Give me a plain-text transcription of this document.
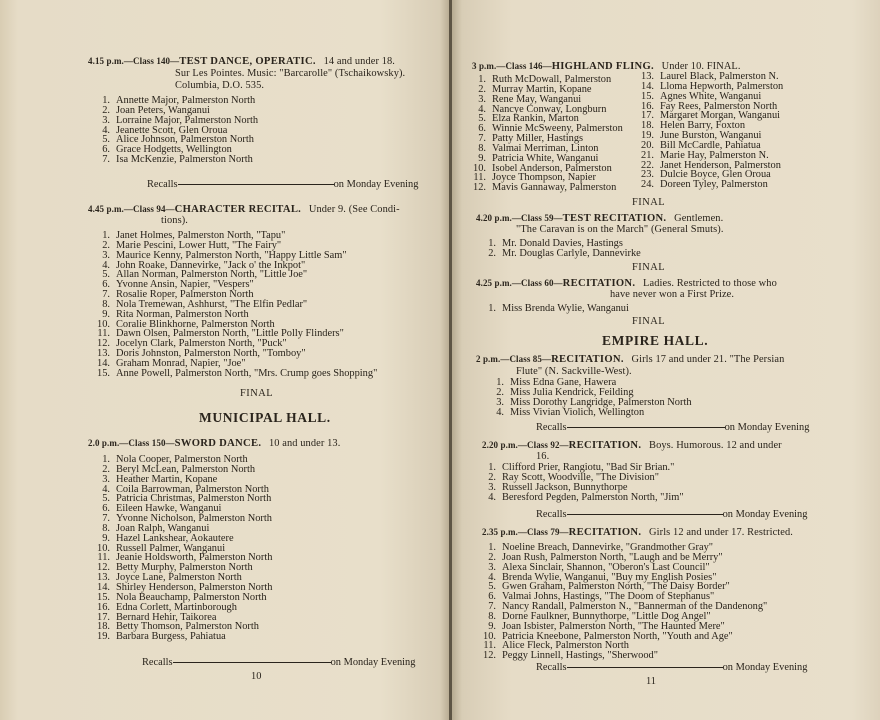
4.15 p.m.—Class 140—TEST DANCE, OPERATIC. 14 and under 18.
Sur Les Pointes. Music: "Barcarolle" (Tschaikowsky).
Columbia, D.O. 535.
1. Annette Major, Palmerston North
2. Joan Peters, Wanganui
3. Lorraine Major, Palmerston North
4. Jeanette Scott, Glen Oroua
5. Alice Johnson, Palmerston North
6. Grace Hodgetts, Wellington
7. Isa McKenzie, Palmerston North
Recalls	on Monday Evening
4.45 p.m.—Class 94—CHARACTER RECITAL. Under 9. (See Condi-
tions).
1. Janet Holmes, Palmerston North, "Tapu"
2. Marie Pescini, Lower Hutt, "The Fairy"
3. Maurice Kenny, Palmerston North, "Happy Little Sam"
4. John Roake, Dannevirke, "Jack o' the Inkpot"
5. Allan Norman, Palmerston North, "Little Joe"
6. Yvonne Ansin, Napier, "Vespers"
7. Rosalie Roper, Palmerston North
8. Nola Tremewan, Ashhurst, "The Elfin Pedlar"
9. Rita Norman, Palmerston North
10. Coralie Blinkhorne, Palmerston North
11. Dawn Olsen, Palmerston North, "Little Polly Flinders"
12. Jocelyn Clark, Palmerston North, "Puck"
13. Doris Johnston, Palmerston North, "Tomboy"
14. Graham Monrad, Napier, "Joe"
15. Anne Powell, Palmerston North, "Mrs. Crump goes Shopping"
FINAL
MUNICIPAL HALL.
2.0 p.m.—Class 150—SWORD DANCE. 10 and under 13.
1. Nola Cooper, Palmerston North
2. Beryl McLean, Palmerston North
3. Heather Martin, Kopane
4. Coila Barrowman, Palmerston North
5. Patricia Christmas, Palmerston North
6. Eileen Hawke, Wanganui
7. Yvonne Nicholson, Palmerston North
8. Joan Ralph, Wanganui
9. Hazel Lankshear, Aokautere
10. Russell Palmer, Wanganui
11. Jeanie Holdsworth, Palmerston North
12. Betty Murphy, Palmerston North
13. Joyce Lane, Palmerston North
14. Shirley Henderson, Palmerston North
15. Nola Beauchamp, Palmerston North
16. Edna Corlett, Martinborough
17. Bernard Hehir, Taikorea
18. Betty Thomson, Palmerston North
19. Barbara Burgess, Pahiatua
Recalls	on Monday Evening
10
3 p.m.—Class 146—HIGHLAND FLING. Under 10. FINAL.
1. Ruth McDowall, Palmerston
2. Murray Martin, Kopane
3. Rene May, Wanganui
4. Nancye Conway, Longburn
5. Elza Rankin, Marton
6. Winnie McSweeny, Palmerston
7. Patty Miller, Hastings
8. Valmai Merriman, Linton
9. Patricia White, Wanganui
10. Isobel Anderson, Palmerston
11. Joyce Thompson, Napier
12. Mavis Gannaway, Palmerston
13. Laurel Black, Palmerston N.
14. Lloma Hepworth, Palmerston
15. Agnes White, Wanganui
16. Fay Rees, Palmerston North
17. Margaret Morgan, Wanganui
18. Helen Barry, Foxton
19. June Burston, Wanganui
20. Bill McCardle, Pahiatua
21. Marie Hay, Palmerston N.
22. Janet Henderson, Palmerston
23. Dulcie Boyce, Glen Oroua
24. Doreen Tyley, Palmerston
FINAL
4.20 p.m.—Class 59—TEST RECITATION. Gentlemen.
"The Caravan is on the March" (General Smuts).
1. Mr. Donald Davies, Hastings
2. Mr. Douglas Carlyle, Dannevirke
FINAL
4.25 p.m.—Class 60—RECITATION. Ladies. Restricted to those who
have never won a First Prize.
1. Miss Brenda Wylie, Wanganui
FINAL
EMPIRE HALL.
2 p.m.—Class 85—RECITATION. Girls 17 and under 21. "The Persian
Flute" (N. Sackville-West).
1. Miss Edna Gane, Hawera
2. Miss Julia Kendrick, Feilding
3. Miss Dorothy Langridge, Palmerston North
4. Miss Vivian Violich, Wellington
Recalls	on Monday Evening
2.20 p.m.—Class 92—RECITATION. Boys. Humorous. 12 and under
16.
1. Clifford Prier, Rangiotu, "Bad Sir Brian."
2. Ray Scott, Woodville, "The Division"
3. Russell Jackson, Bunnythorpe
4. Beresford Pegden, Palmerston North, "Jim"
Recalls	on Monday Evening
2.35 p.m.—Class 79—RECITATION. Girls 12 and under 17. Restricted.
1. Noeline Breach, Dannevirke, "Grandmother Gray"
2. Joan Rush, Palmerston North, "Laugh and be Merry"
3. Alexa Sinclair, Shannon, "Oberon's Last Council"
4. Brenda Wylie, Wanganui, "Buy my English Posies"
5. Gwen Graham, Palmerston North, "The Daisy Border"
6. Valmai Johns, Hastings, "The Doom of Stephanus"
7. Nancy Randall, Palmerston N., "Bannerman of the Dandenong"
8. Dorne Faulkner, Bunnythorpe, "Little Dog Angel"
9. Joan Isbister, Palmerston North, "The Haunted Mere"
10. Patricia Kneebone, Palmerston North, "Youth and Age"
11. Alice Fleck, Palmerston North
12. Peggy Linnell, Hastings, "Sherwood"
Recalls	on Monday Evening
11
